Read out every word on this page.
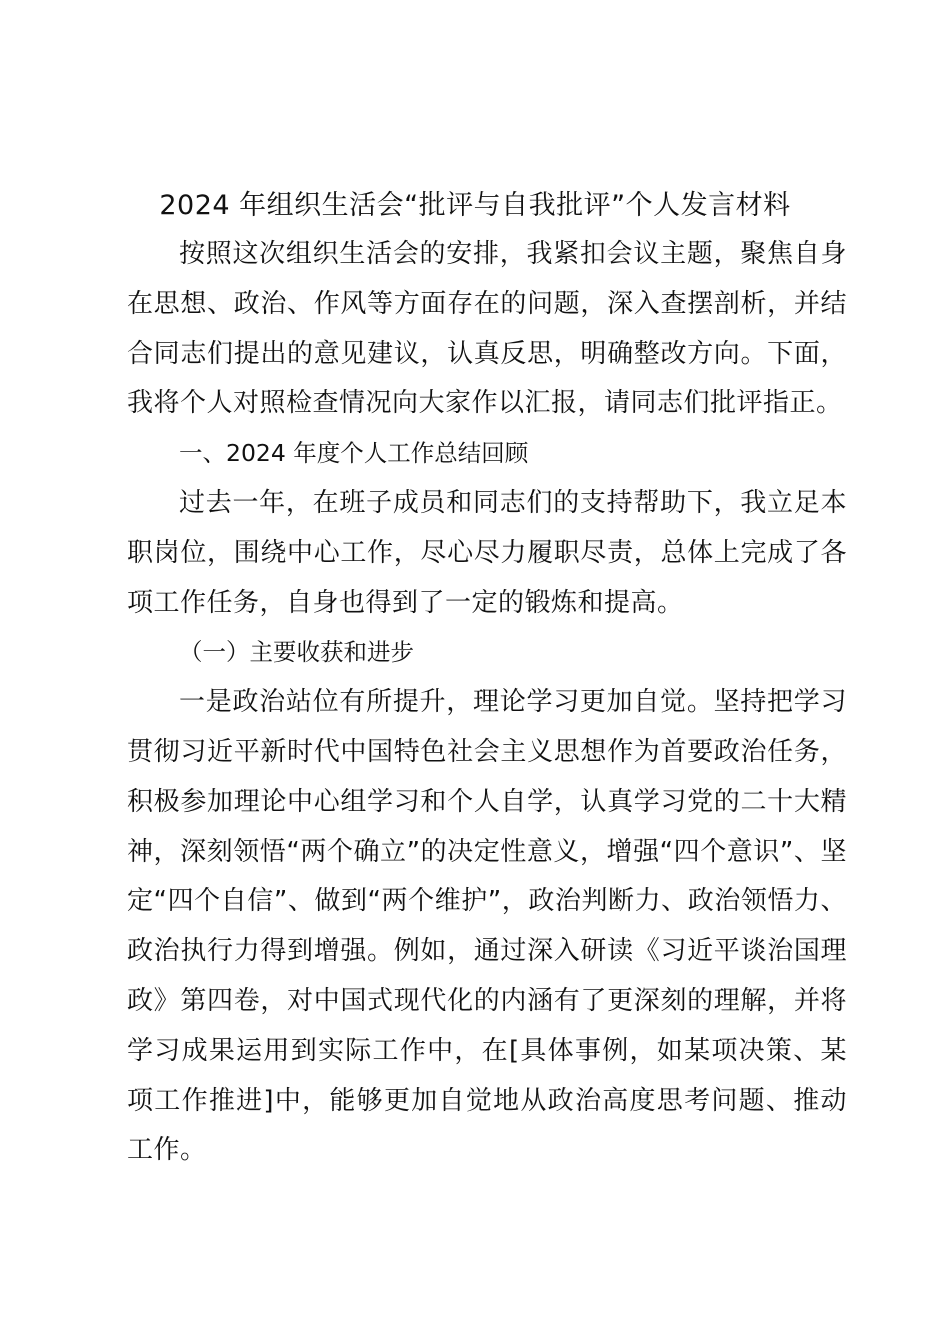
2024 年组织生活会“批评与自我批评”个人发言材料

按照这次组织生活会的安排，我紧扣会议主题，聚焦自身在思想、政治、作风等方面存在的问题，深入查摆剖析，并结合同志们提出的意见建议，认真反思，明确整改方向。下面，我将个人对照检查情况向大家作以汇报，请同志们批评指正。

一、2024 年度个人工作总结回顾

过去一年，在班子成员和同志们的支持帮助下，我立足本职岗位，围绕中心工作，尽心尽力履职尽责，总体上完成了各项工作任务，自身也得到了一定的锻炼和提高。

（一）主要收获和进步

一是政治站位有所提升，理论学习更加自觉。坚持把学习贯彻习近平新时代中国特色社会主义思想作为首要政治任务，积极参加理论中心组学习和个人自学，认真学习党的二十大精神，深刻领悟“两个确立”的决定性意义，增强“四个意识”、坚定“四个自信”、做到“两个维护”，政治判断力、政治领悟力、政治执行力得到增强。例如，通过深入研读《习近平谈治国理政》第四卷，对中国式现代化的内涵有了更深刻的理解，并将学习成果运用到实际工作中，在[具体事例，如某项决策、某项工作推进]中，能够更加自觉地从政治高度思考问题、推动工作。
